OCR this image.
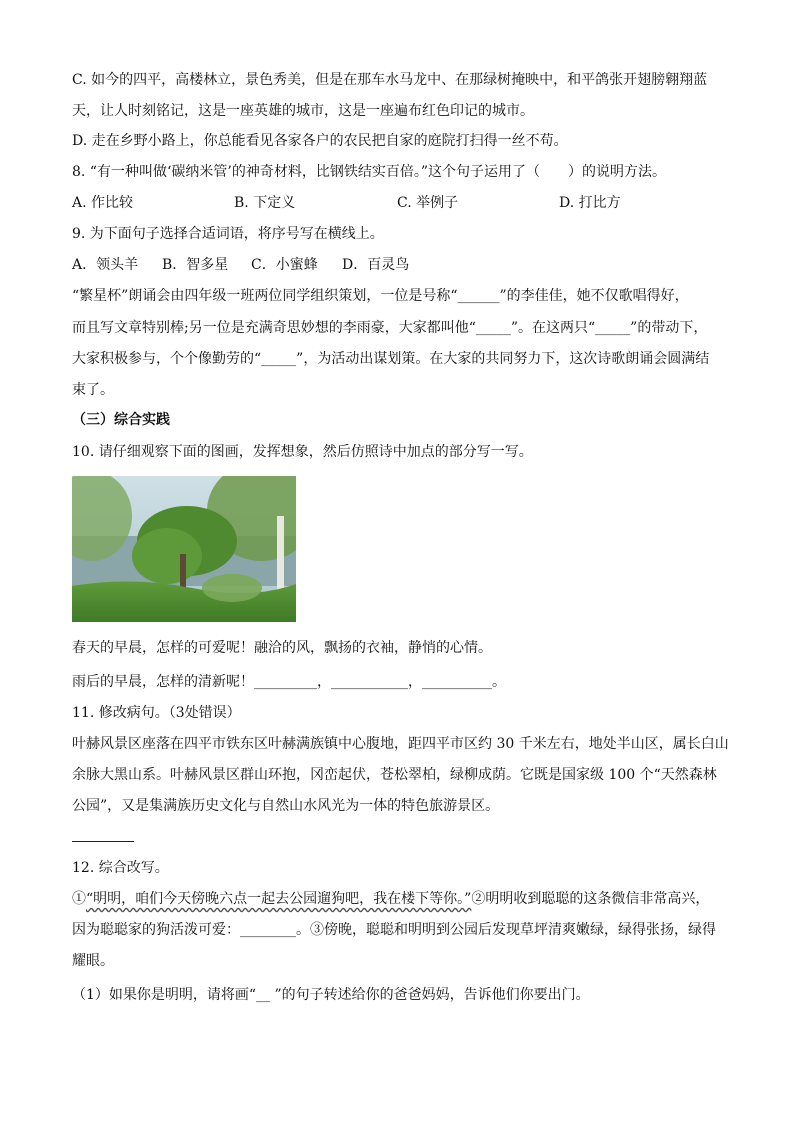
C. 如今的四平，高楼林立，景色秀美，但是在那车水马龙中、在那绿树掩映中，和平鸽张开翅膀翱翔蓝
天，让人时刻铭记，这是一座英雄的城市，这是一座遍布红色印记的城市。
D. 走在乡野小路上，你总能看见各家各户的农民把自家的庭院打扫得一丝不苟。
8. “有一种叫做‘碳纳米管’的神奇材料，比钢铁结实百倍。”这个句子运用了（　　）的说明方法。
A. 作比较	B. 下定义	C. 举例子	D. 打比方
9. 为下面句子选择合适词语，将序号写在横线上。
A．领头羊 B．智多星 C．小蜜蜂 D．百灵鸟
“繁星杯”朗诵会由四年级一班两位同学组织策划，一位是号称“______”的李佳佳，她不仅歌唱得好，
而且写文章特别棒;另一位是充满奇思妙想的李雨豪，大家都叫他“_____”。在这两只“_____”的带动下，
大家积极参与，个个像勤劳的“_____”，为活动出谋划策。在大家的共同努力下，这次诗歌朗诵会圆满结
束了。
（三）综合实践
10. 请仔细观察下面的图画，发挥想象，然后仿照诗中加点的部分写一写。
春天的早晨，怎样的可爱呢！融洽的风，飘扬的衣袖，静悄的心情。
雨后的早晨，怎样的清新呢！_________，___________，__________。
11. 修改病句。（3处错误）
叶赫风景区座落在四平市铁东区叶赫满族镇中心腹地，距四平市区约 30 千米左右，地处半山区，属长白山
余脉大黑山系。叶赫风景区群山环抱，冈峦起伏，苍松翠柏，绿柳成荫。它既是国家级 100 个“天然森林
公园”，又是集满族历史文化与自然山水风光为一体的特色旅游景区。
12. 综合改写。
①“明明，咱们今天傍晚六点一起去公园遛狗吧，我在楼下等你。”②明明收到聪聪的这条微信非常高兴，
因为聪聪家的狗活泼可爱：________。③傍晚，聪聪和明明到公园后发现草坪清爽嫩绿，绿得张扬，绿得
耀眼。
（1）如果你是明明，请将画“__ ”的句子转述给你的爸爸妈妈，告诉他们你要出门。
